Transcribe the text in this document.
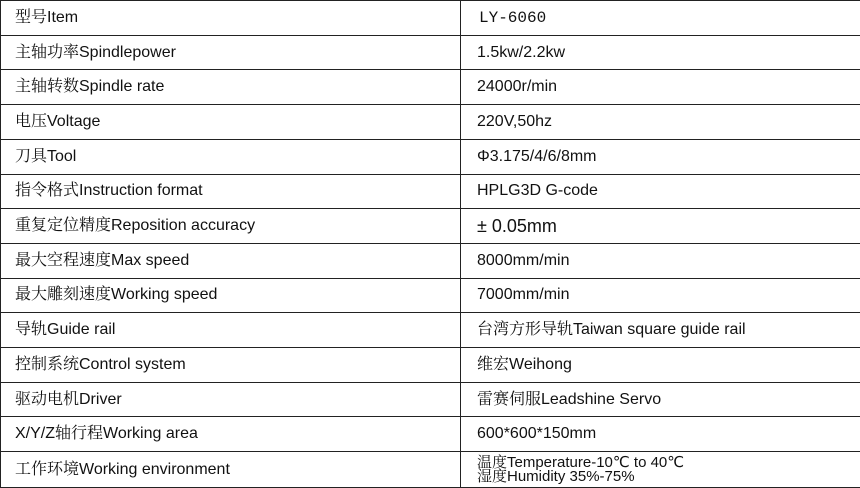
型号Item	LY-6060
主轴功率Spindlepower	1.5kw/2.2kw
主轴转数Spindle rate	24000r/min
电压Voltage	220V,50hz
刀具Tool	Φ3.175/4/6/8mm
指令格式Instruction format	HPLG3D G-code
重复定位精度Reposition accuracy	± 0.05mm
最大空程速度Max speed	8000mm/min
最大雕刻速度Working speed	7000mm/min
导轨Guide rail	台湾方形导轨Taiwan square guide rail
控制系统Control system	维宏Weihong
驱动电机Driver	雷赛伺服Leadshine Servo
X/Y/Z轴行程Working area	600*600*150mm
工作环境Working environment	温度Temperature-10℃ to 40℃
湿度Humidity 35%-75%
